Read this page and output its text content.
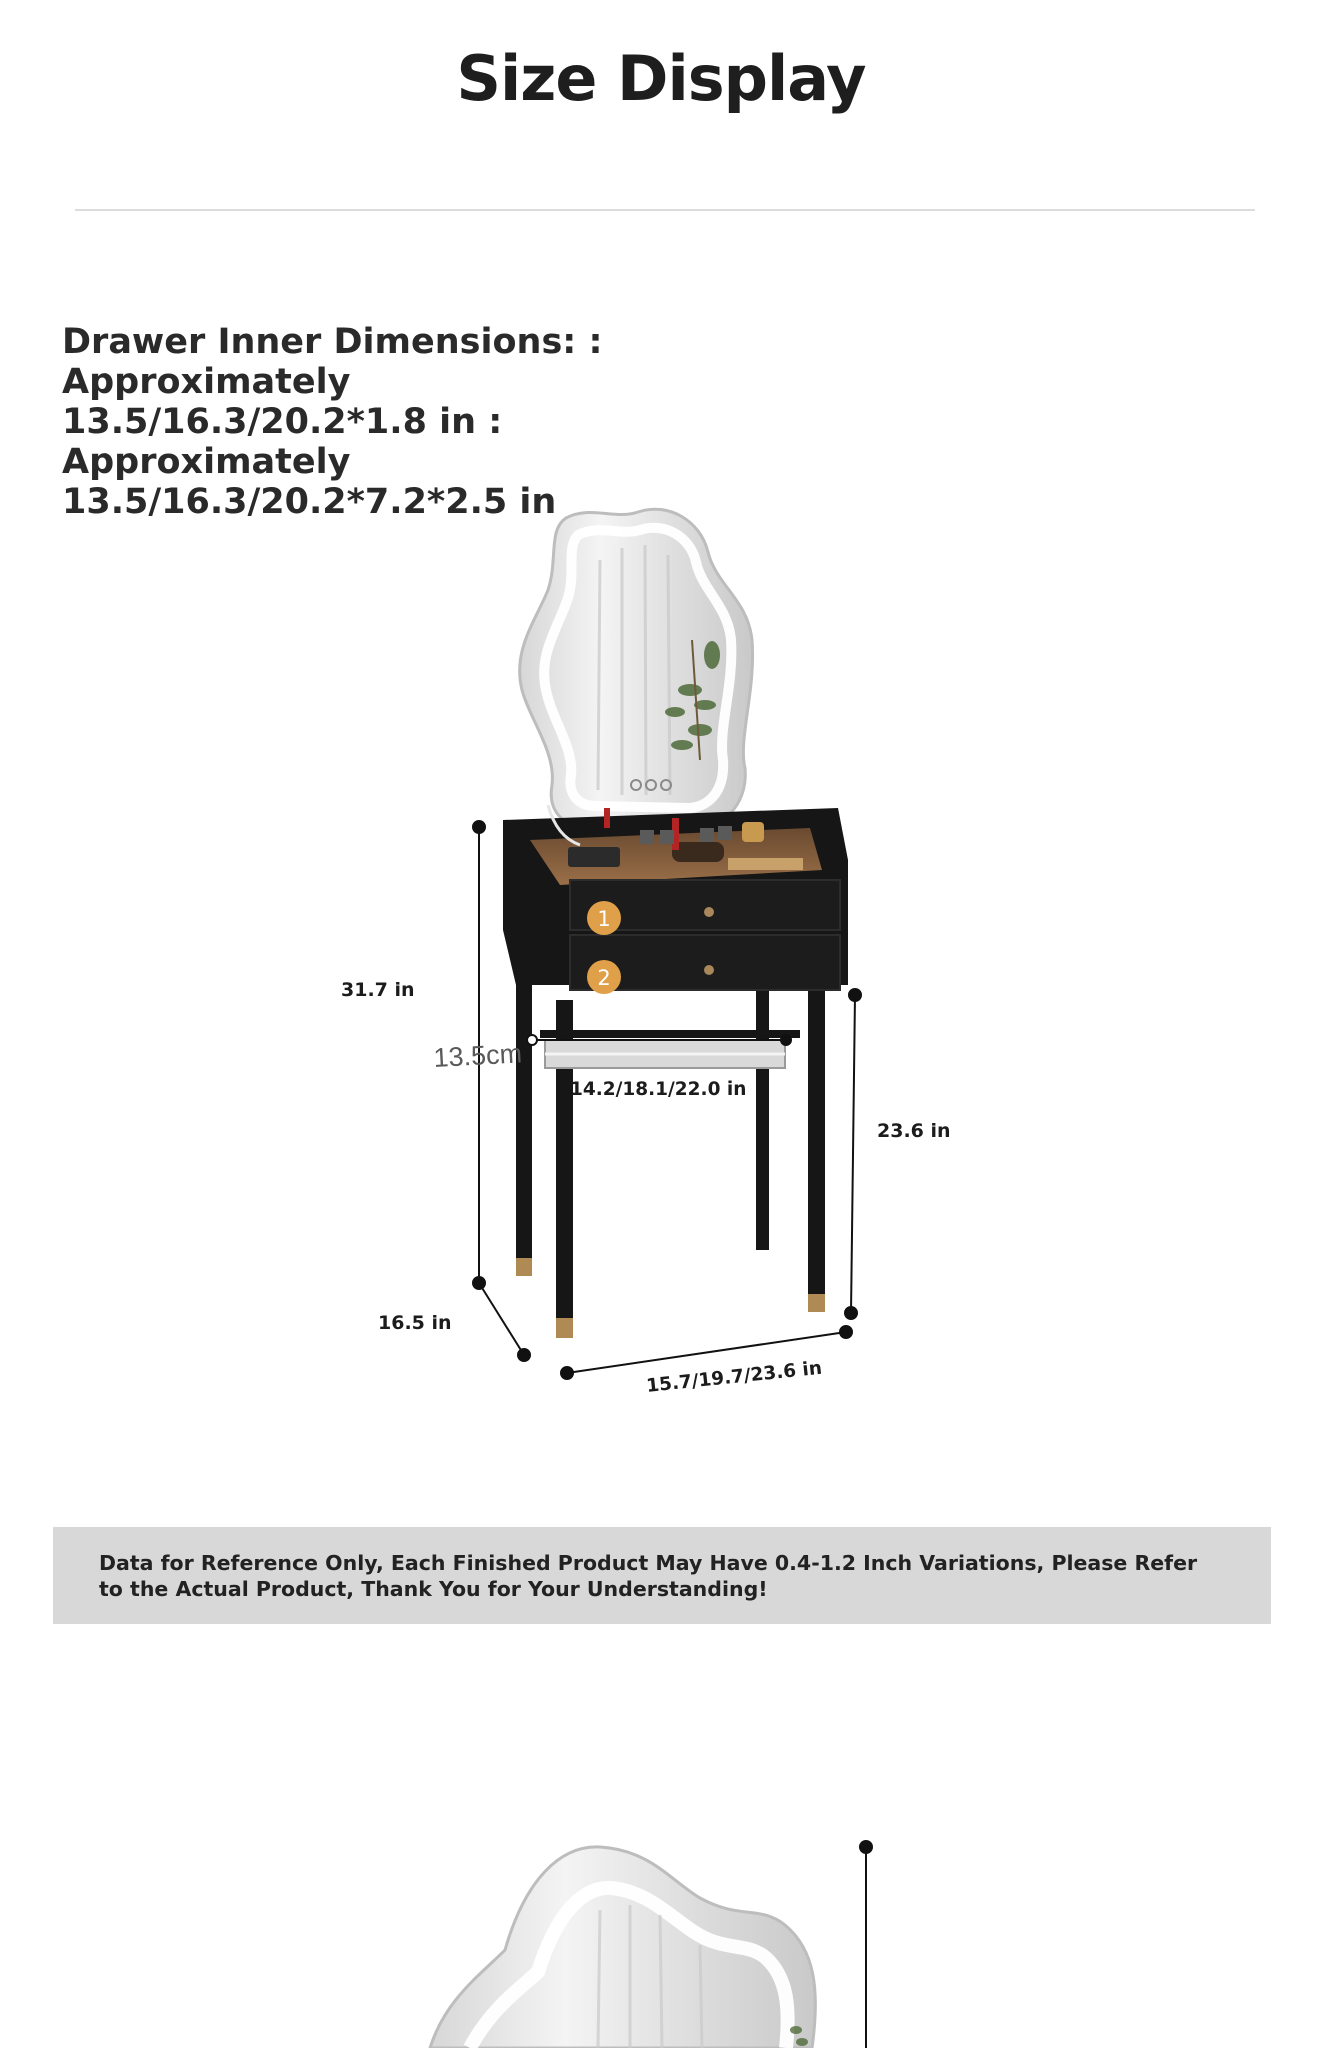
Size Display
Drawer Inner Dimensions: : Approximately 13.5/16.3/20.2*1.8 in : Approximately 13.5/16.3/20.2*7.2*2.5 in
1
2
31.7 in
23.6 in
16.5 in
15.7/19.7/23.6 in
14.2/18.1/22.0 in
13.5cm
Data for Reference Only, Each Finished Product May Have 0.4-1.2 Inch Variations, Please Refer to the Actual Product, Thank You for Your Understanding!
